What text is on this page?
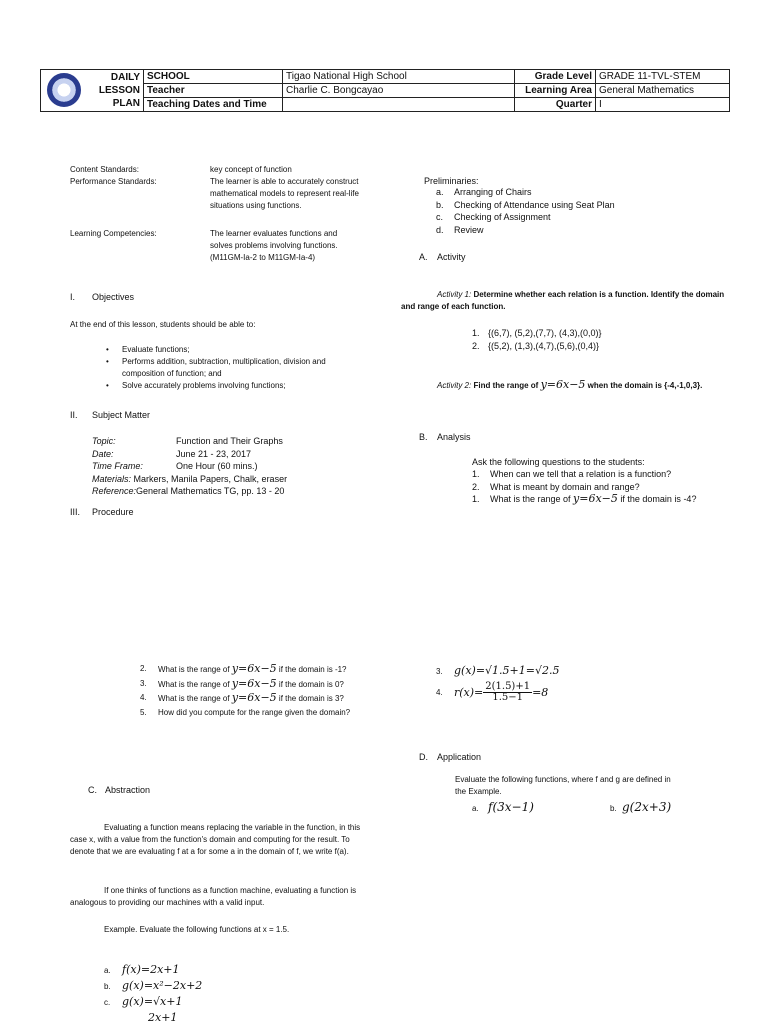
DAILY
LESSON
PLAN	SCHOOL	Tigao National High School	Grade Level	GRADE 11-TVL-STEM
	Teacher	Charlie C. Bongcayao	Learning Area	General Mathematics
	Teaching Dates and Time		Quarter	I
Content Standards:	key concept of function
Performance Standards:	The learner is able to accurately construct mathematical models to represent real-life situations using functions.
Learning Competencies:	The learner evaluates functions and solves problems involving functions. (M11GM-Ia-2 to M11GM-Ia-4)
I. Objectives
At the end of this lesson, students should be able to:
• Evaluate functions;
• Performs addition, subtraction, multiplication, division and composition of function; and
• Solve accurately problems involving functions;
II. Subject Matter
Topic:	Function and Their Graphs
Date:	June 21 - 23, 2017
Time Frame:	One Hour (60 mins.)
Materials: Markers, Manila Papers, Chalk, eraser
Reference:General Mathematics TG, pp. 13 - 20
III. Procedure
Preliminaries:
a. Arranging of Chairs
b. Checking of Attendance using Seat Plan
c. Checking of Assignment
d. Review
A. Activity
Activity 1: Determine whether each relation is a function. Identify the domain and range of each function.
1. {(6,7), (5,2),(7,7), (4,3),(0,0)}
2. {(5,2), (1,3),(4,7),(5,6),(0,4)}
Activity 2: Find the range of y=6x−5 when the domain is {-4,-1,0,3}.
B. Analysis
Ask the following questions to the students:
1.	When can we tell that a relation is a function?
2.	What is meant by domain and range?
1.	What is the range of y=6x−5 if the domain is -4?
2.	What is the range of y=6x−5 if the domain is -1?
3.	What is the range of y=6x−5 if the domain is 0?
4.	What is the range of y=6x−5 if the domain is 3?
5.	How did you compute for the range given the domain?
C. Abstraction
Evaluating a function means replacing the variable in the function, in this case x, with a value from the function's domain and computing for the result. To denote that we are evaluating f at a for some a in the domain of f, we write f(a).
If one thinks of functions as a function machine, evaluating a function is analogous to providing our machines with a valid input.
Example. Evaluate the following functions at x = 1.5.
a. f(x)=2x+1
b. g(x)=x²−2x+2
c. g(x)=√x+1
2x+1
3. g(x)=√1.5+1=√2.5
4.	$r(x)= \frac{2(1.5)+1}{1.5-1} =8$
D. Application
Evaluate the following functions, where f and g are defined in the Example.
a. f(3x−1)	b. g(2x+3)
